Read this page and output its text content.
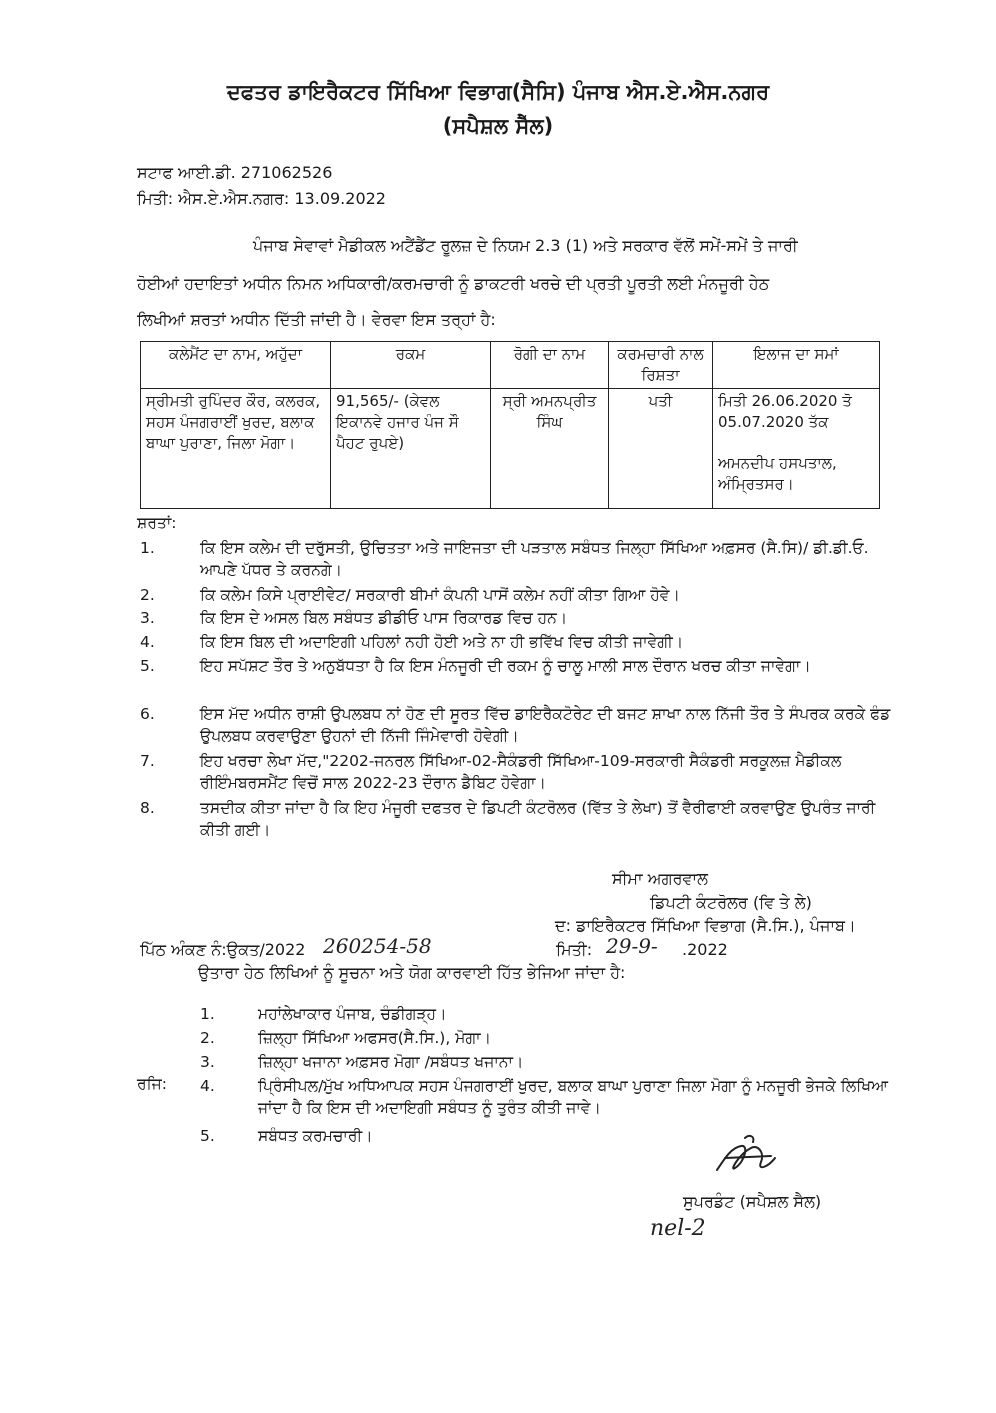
ਦਫਤਰ ਡਾਇਰੈਕਟਰ ਸਿੱਖਿਆ ਵਿਭਾਗ(ਸੈਸਿ) ਪੰਜਾਬ ਐਸ.ਏ.ਐਸ.ਨਗਰ
(ਸਪੈਸ਼ਲ ਸੈੱਲ)
ਸਟਾਫ ਆਈ.ਡੀ. 271062526
ਮਿਤੀ: ਐਸ.ਏ.ਐਸ.ਨਗਰ: 13.09.2022
ਪੰਜਾਬ ਸੇਵਾਵਾਂ ਮੈਡੀਕਲ ਅਟੈਂਡੈਂਟ ਰੂਲਜ਼ ਦੇ ਨਿਯਮ 2.3 (1) ਅਤੇ ਸਰਕਾਰ ਵੱਲੋਂ ਸਮੇਂ-ਸਮੇਂ ਤੇ ਜਾਰੀ
ਹੋਈਆਂ ਹਦਾਇਤਾਂ ਅਧੀਨ ਨਿਮਨ ਅਧਿਕਾਰੀ/ਕਰਮਚਾਰੀ ਨੂੰ ਡਾਕਟਰੀ ਖਰਚੇ ਦੀ ਪ੍ਰਤੀ ਪੂਰਤੀ ਲਈ ਮੰਨਜੂਰੀ ਹੇਠ
ਲਿਖੀਆਂ ਸ਼ਰਤਾਂ ਅਧੀਨ ਦਿੱਤੀ ਜਾਂਦੀ ਹੈ। ਵੇਰਵਾ ਇਸ ਤਰ੍ਹਾਂ ਹੈ:
ਕਲੇਮੈਂਟ ਦਾ ਨਾਮ, ਅਹੁੱਦਾ	ਰਕਮ	ਰੋਗੀ ਦਾ ਨਾਮ	ਕਰਮਚਾਰੀ ਨਾਲ ਰਿਸ਼ਤਾ	ਇਲਾਜ ਦਾ ਸਮਾਂ
ਸ੍ਰੀਮਤੀ ਰੁਪਿੰਦਰ ਕੌਰ, ਕਲਰਕ, ਸਹਸ ਪੰਜਗਰਾਈਂ ਖੁਰਦ, ਬਲਾਕ ਬਾਘਾ ਪੁਰਾਣਾ, ਜਿਲਾ ਮੋਗਾ।	91,565/- (ਕੇਵਲ ਇਕਾਨਵੇ ਹਜਾਰ ਪੰਜ ਸੌ ਪੈਹਟ ਰੁਪਏ)	ਸ੍ਰੀ ਅਮਨਪ੍ਰੀਤ ਸਿੰਘ	ਪਤੀ	ਮਿਤੀ 26.06.2020 ਤੋ 05.07.2020 ਤੱਕ
ਅਮਨਦੀਪ ਹਸਪਤਾਲ, ਅੰਮ੍ਰਿਤਸਰ।
ਸ਼ਰਤਾਂ:
1.	ਕਿ ਇਸ ਕਲੇਮ ਦੀ ਦਰੁੱਸਤੀ, ਉਚਿਤਤਾ ਅਤੇ ਜਾਇਜਤਾ ਦੀ ਪੜਤਾਲ ਸਬੰਧਤ ਜਿਲ੍ਹਾ ਸਿੱਖਿਆ ਅਫ਼ਸਰ (ਸੈ.ਸਿ)/ ਡੀ.ਡੀ.ਓ. ਆਪਣੇ ਪੱਧਰ ਤੇ ਕਰਨਗੇ।
2.	ਕਿ ਕਲੇਮ ਕਿਸੇ ਪ੍ਰਾਈਵੇਟ/ ਸਰਕਾਰੀ ਬੀਮਾਂ ਕੰਪਨੀ ਪਾਸੋਂ ਕਲੇਮ ਨਹੀਂ ਕੀਤਾ ਗਿਆ ਹੋਵੇ।
3.	ਕਿ ਇਸ ਦੇ ਅਸਲ ਬਿਲ ਸਬੰਧਤ ਡੀਡੀਓ ਪਾਸ ਰਿਕਾਰਡ ਵਿਚ ਹਨ।
4.	ਕਿ ਇਸ ਬਿਲ ਦੀ ਅਦਾਇਗੀ ਪਹਿਲਾਂ ਨਹੀ ਹੋਈ ਅਤੇ ਨਾ ਹੀ ਭਵਿੱਖ ਵਿਚ ਕੀਤੀ ਜਾਵੇਗੀ।
5.	ਇਹ ਸਪੱਸ਼ਟ ਤੌਰ ਤੇ ਅਨੁਬੱਧਤਾ ਹੈ ਕਿ ਇਸ ਮੰਨਜੂਰੀ ਦੀ ਰਕਮ ਨੂੰ ਚਾਲੂ ਮਾਲੀ ਸਾਲ ਦੌਰਾਨ ਖਰਚ ਕੀਤਾ ਜਾਵੇਗਾ।
6.	ਇਸ ਮੱਦ ਅਧੀਨ ਰਾਸ਼ੀ ਉਪਲਬਧ ਨਾਂ ਹੋਣ ਦੀ ਸੂਰਤ ਵਿੱਚ ਡਾਇਰੈਕਟੋਰੇਟ ਦੀ ਬਜਟ ਸ਼ਾਖਾ ਨਾਲ ਨਿੱਜੀ ਤੌਰ ਤੇ ਸੰਪਰਕ ਕਰਕੇ ਫੰਡ ਉਪਲਬਧ ਕਰਵਾਉਣਾ ਉਹਨਾਂ ਦੀ ਨਿੱਜੀ ਜਿੰਮੇਵਾਰੀ ਹੋਵੇਗੀ।
7.	ਇਹ ਖਰਚਾ ਲੇਖਾ ਮੱਦ,"2202-ਜਨਰਲ ਸਿੱਖਿਆ-02-ਸੈਕੰਡਰੀ ਸਿੱਖਿਆ-109-ਸਰਕਾਰੀ ਸੈਕੰਡਰੀ ਸਰਕੂਲਜ਼ ਮੈਡੀਕਲ ਰੀਇੰਮਬਰਸਮੈਂਟ ਵਿਚੋਂ ਸਾਲ 2022-23 ਦੌਰਾਨ ਡੈਬਿਟ ਹੋਵੇਗਾ।
8.	ਤਸਦੀਕ ਕੀਤਾ ਜਾਂਦਾ ਹੈ ਕਿ ਇਹ ਮੰਜੂਰੀ ਦਫਤਰ ਦੇ ਡਿਪਟੀ ਕੰਟਰੋਲਰ (ਵਿੱਤ ਤੇ ਲੇਖਾ) ਤੋਂ ਵੈਰੀਫਾਈ ਕਰਵਾਉਣ ਉਪਰੰਤ ਜਾਰੀ ਕੀਤੀ ਗਈ।
ਸੀਮਾ ਅਗਰਵਾਲ
ਡਿਪਟੀ ਕੰਟਰੋਲਰ (ਵਿ ਤੇ ਲੇ)
ਦ: ਡਾਇਰੈਕਟਰ ਸਿੱਖਿਆ ਵਿਭਾਗ (ਸੈ.ਸਿ.), ਪੰਜਾਬ।
ਪਿੱਠ ਅੰਕਣ ਨੰ:ਉਕਤ/2022 260254-58	ਮਿਤੀ: 29-9- .2022
ਉਤਾਰਾ ਹੇਠ ਲਿਖਿਆਂ ਨੂੰ ਸੂਚਨਾ ਅਤੇ ਯੋਗ ਕਾਰਵਾਈ ਹਿੱਤ ਭੇਜਿਆ ਜਾਂਦਾ ਹੈ:
1.	ਮਹਾਂਲੇਖਾਕਾਰ ਪੰਜਾਬ, ਚੰਡੀਗੜ੍ਹ।
2.	ਜ਼ਿਲ੍ਹਾ ਸਿੱਖਿਆ ਅਫਸਰ(ਸੈ.ਸਿ.), ਮੋਗਾ।
3.	ਜ਼ਿਲ੍ਹਾ ਖਜਾਨਾ ਅਫ਼ਸਰ ਮੋਗਾ /ਸਬੰਧਤ ਖਜਾਨਾ।
ਰਜਿ: 4.	ਪ੍ਰਿੰਸੀਪਲ/ਮੁੱਖ ਅਧਿਆਪਕ ਸਹਸ ਪੰਜਗਰਾਈਂ ਖੁਰਦ, ਬਲਾਕ ਬਾਘਾ ਪੁਰਾਣਾ ਜਿਲਾ ਮੋਗਾ ਨੂੰ ਮਨਜੂਰੀ ਭੇਜਕੇ ਲਿਖਿਆ ਜਾਂਦਾ ਹੈ ਕਿ ਇਸ ਦੀ ਅਦਾਇਗੀ ਸਬੰਧਤ ਨੂੰ ਤੁਰੰਤ ਕੀਤੀ ਜਾਵੇ।
5.	ਸਬੰਧਤ ਕਰਮਚਾਰੀ।
ਸੁਪਰਡੰਟ (ਸਪੈਸ਼ਲ ਸੈਲ)
nel-2
